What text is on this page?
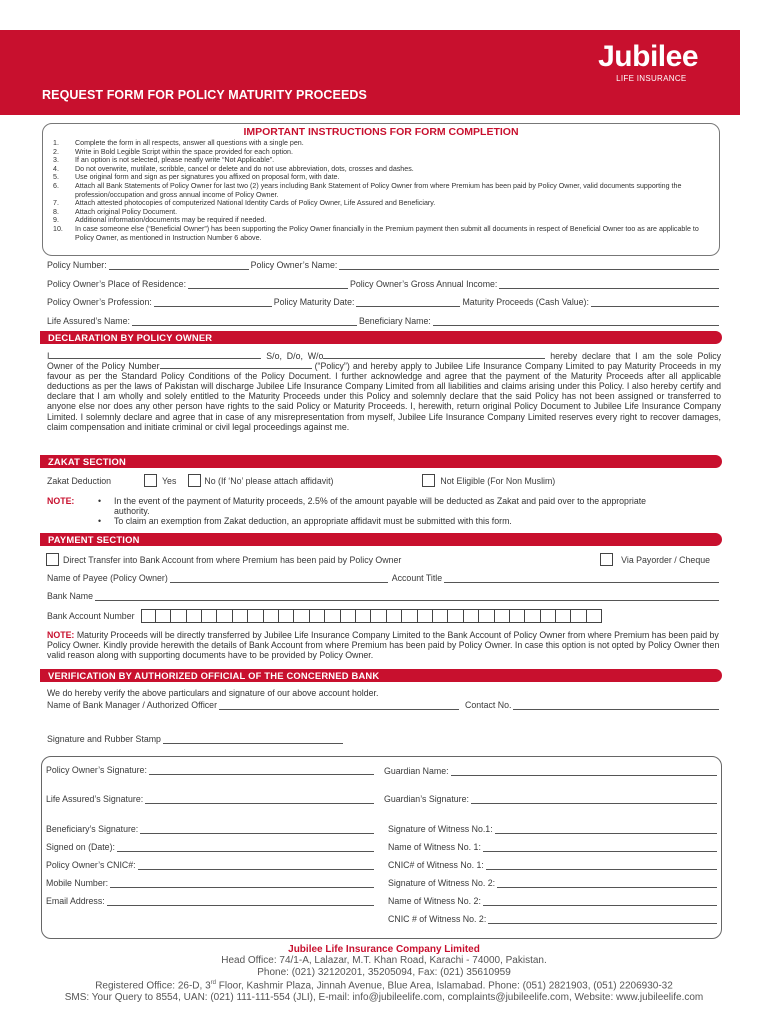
REQUEST FORM FOR POLICY MATURITY PROCEEDS
Jubilee
LIFE INSURANCE
IMPORTANT INSTRUCTIONS FOR FORM COMPLETION
1.	Complete the form in all respects, answer all questions with a single pen.
2.	Write in Bold Legible Script within the space provided for each option.
3.	If an option is not selected, please neatly write “Not Applicable”.
4.	Do not overwrite, mutilate, scribble, cancel or delete and do not use abbreviation, dots, crosses and dashes.
5.	Use original form and sign as per signatures you affixed on proposal form, with date.
6.	Attach all Bank Statements of Policy Owner for last two (2) years including Bank Statement of Policy Owner from where Premium has been paid by Policy Owner, valid documents supporting the profession/occupation and gross annual income of Policy Owner.
7.	Attach attested photocopies of computerized National Identity Cards of Policy Owner, Life Assured and Beneficiary.
8.	Attach original Policy Document.
9.	Additional information/documents may be required if needed.
10.	In case someone else (“Beneficial Owner”) has been supporting the Policy Owner financially in the Premium payment then submit all documents in respect of Beneficial Owner too as are applicable to Policy Owner, as mentioned in Instruction Number 6 above.
Policy Number:	Policy Owner’s Name:
Policy Owner’s Place of Residence:	Policy Owner’s Gross Annual Income:
Policy Owner’s Profession:	Policy Maturity Date:	Maturity Proceeds (Cash Value):
Life Assured’s Name:	Beneficiary Name:
DECLARATION BY POLICY OWNER
I	S/o, D/o, W/o	hereby declare that I am the sole Policy Owner of the Policy Number	(“Policy”) and hereby apply to Jubilee Life Insurance Company Limited to pay Maturity Proceeds in my favour as per the Standard Policy Conditions of the Policy Document. I further acknowledge and agree that the payment of the Maturity Proceeds after all applicable deductions as per the laws of Pakistan will discharge Jubilee Life Insurance Company Limited from all liabilities and claims arising under this Policy. I also hereby certify and declare that I am wholly and solely entitled to the Maturity Proceeds under this Policy and solemnly declare that the said Policy has not been assigned or transferred to anyone else nor does any other person have rights to the said Policy or Maturity Proceeds. I, herewith, return original Policy Document to Jubilee Life Insurance Company Limited. I solemnly declare and agree that in case of any misrepresentation from myself, Jubilee Life Insurance Company Limited reserves every right to recover damages, claim compensation and initiate criminal or civil legal proceedings against me.
ZAKAT SECTION
Zakat Deduction	Yes	No (If ‘No’ please attach affidavit)	Not Eligible (For Non Muslim)
NOTE:	•	In the event of the payment of Maturity proceeds, 2.5% of the amount payable will be deducted as Zakat and paid over to the appropriate authority.
•	To claim an exemption from Zakat deduction, an appropriate affidavit must be submitted with this form.
PAYMENT SECTION
Direct Transfer into Bank Account from where Premium has been paid by Policy Owner	Via Payorder / Cheque
Name of Payee (Policy Owner)	Account Title
Bank Name
Bank Account Number
NOTE: Maturity Proceeds will be directly transferred by Jubilee Life Insurance Company Limited to the Bank Account of Policy Owner from where Premium has been paid by Policy Owner. Kindly provide herewith the details of Bank Account from where Premium has been paid by Policy Owner. In case this option is not opted by Policy Owner then valid reason along with supporting documents have to be provided by Policy Owner.
VERIFICATION BY AUTHORIZED OFFICIAL OF THE CONCERNED BANK
We do hereby verify the above particulars and signature of our above account holder.
Name of Bank Manager / Authorized Officer	Contact No.
Signature and Rubber Stamp
Policy Owner’s Signature:	Guardian Name:
Life Assured’s Signature:	Guardian’s Signature:
Beneficiary’s Signature:	Signature of Witness No.1:
Signed on (Date):	Name of Witness No. 1:
Policy Owner’s CNIC#:	CNIC# of Witness No. 1:
Mobile Number:	Signature of Witness No. 2:
Email Address:	Name of Witness No. 2:
CNIC # of Witness No. 2:
Jubilee Life Insurance Company Limited
Head Office: 74/1-A, Lalazar, M.T. Khan Road, Karachi - 74000, Pakistan.
Phone: (021) 32120201, 35205094, Fax: (021) 35610959
Registered Office: 26-D, 3rd Floor, Kashmir Plaza, Jinnah Avenue, Blue Area, Islamabad. Phone: (051) 2821903, (051) 2206930-32
SMS: Your Query to 8554, UAN: (021) 111-111-554 (JLI), E-mail: info@jubileelife.com, complaints@jubileelife.com, Website: www.jubileelife.com
